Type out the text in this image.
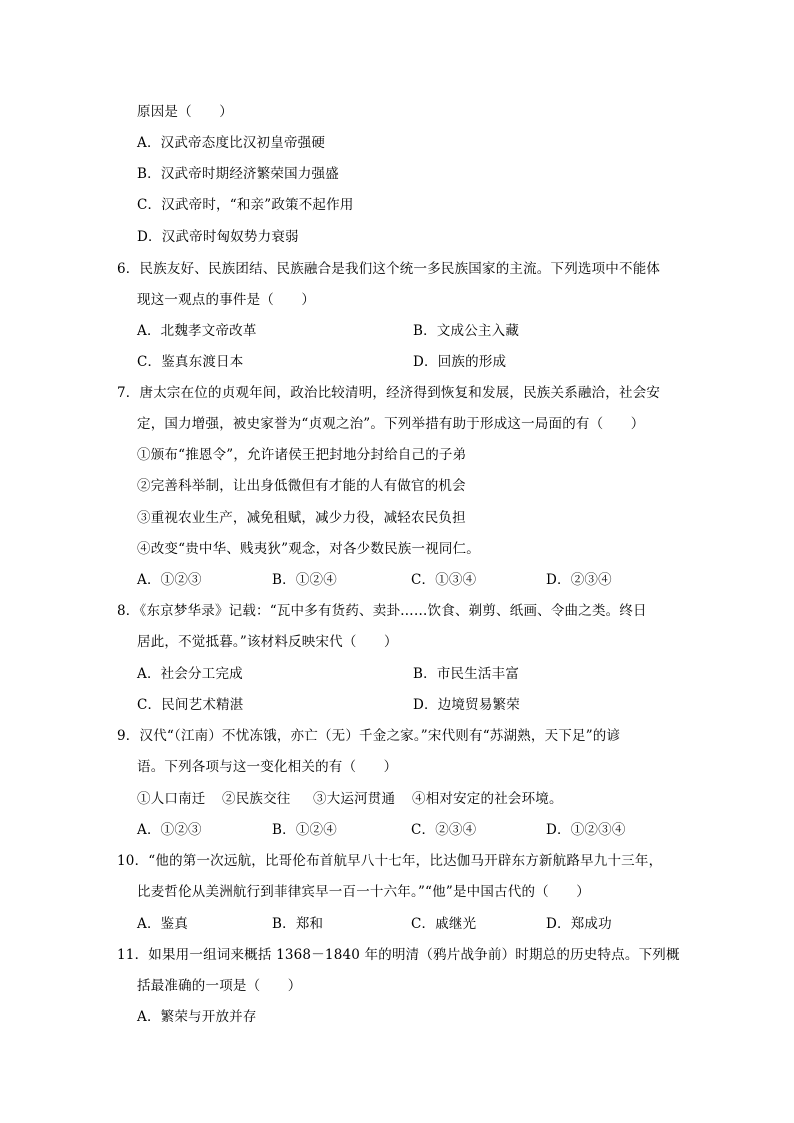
原因是（　　）
A．汉武帝态度比汉初皇帝强硬
B．汉武帝时期经济繁荣国力强盛
C．汉武帝时，“和亲”政策不起作用
D．汉武帝时匈奴势力衰弱
6．民族友好、民族团结、民族融合是我们这个统一多民族国家的主流。下列选项中不能体
现这一观点的事件是（　　）
A．北魏孝文帝改革	B．文成公主入藏
C．鉴真东渡日本	D．回族的形成
7．唐太宗在位的贞观年间，政治比较清明，经济得到恢复和发展，民族关系融洽，社会安
定，国力增强，被史家誉为“贞观之治”。下列举措有助于形成这一局面的有（　　）
①颁布“推恩令”，允许诸侯王把封地分封给自己的子弟
②完善科举制，让出身低微但有才能的人有做官的机会
③重视农业生产，减免租赋，减少力役，减轻农民负担
④改变“贵中华、贱夷狄”观念，对各少数民族一视同仁。
A．①②③	B．①②④	C．①③④	D．②③④
8．《东京梦华录》记载：“瓦中多有货药、卖卦……饮食、剃剪、纸画、令曲之类。终日
居此，不觉抵暮。”该材料反映宋代（　　）
A．社会分工完成	B．市民生活丰富
C．民间艺术精湛	D．边境贸易繁荣
9．汉代“（江南）不忧冻饿，亦亡（无）千金之家。”宋代则有“苏湖熟，天下足”的谚
语。下列各项与这一变化相关的有（　　）
①人口南迁 ②民族交往 ③大运河贯通 ④相对安定的社会环境。
A．①②③	B．①②④	C．②③④	D．①②③④
10．“他的第一次远航，比哥伦布首航早八十七年，比达伽马开辟东方新航路早九十三年，
比麦哲伦从美洲航行到菲律宾早一百一十六年。”“他”是中国古代的（　　）
A．鉴真	B．郑和	C．戚继光	D．郑成功
11．如果用一组词来概括 1368－1840 年的明清（鸦片战争前）时期总的历史特点。下列概
括最准确的一项是（　　）
A．繁荣与开放并存
